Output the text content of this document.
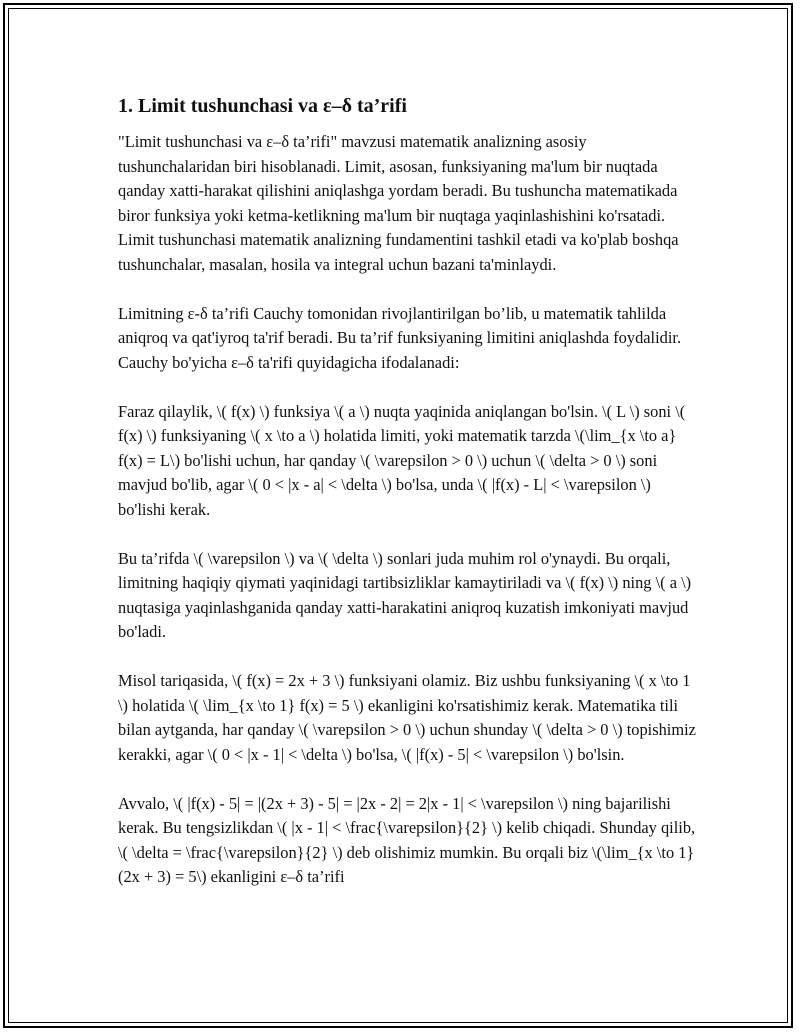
1. Limit tushunchasi va ε–δ ta’rifi

"Limit tushunchasi va ε–δ ta’rifi" mavzusi matematik analizning asosiy tushunchalaridan biri hisoblanadi. Limit, asosan, funksiyaning ma'lum bir nuqtada qanday xatti-harakat qilishini aniqlashga yordam beradi. Bu tushuncha matematikada biror funksiya yoki ketma-ketlikning ma'lum bir nuqtaga yaqinlashishini ko'rsatadi. Limit tushunchasi matematik analizning fundamentini tashkil etadi va ko'plab boshqa tushunchalar, masalan, hosila va integral uchun bazani ta'minlaydi.

Limitning ε-δ ta’rifi Cauchy tomonidan rivojlantirilgan bo’lib, u matematik tahlilda aniqroq va qat'iyroq ta'rif beradi. Bu ta’rif funksiyaning limitini aniqlashda foydalidir. Cauchy bo'yicha ε–δ ta'rifi quyidagicha ifodalanadi:

Faraz qilaylik, \( f(x) \) funksiya \( a \) nuqta yaqinida aniqlangan bo'lsin. \( L \) soni \( f(x) \) funksiyaning \( x \to a \) holatida limiti, yoki matematik tarzda \(\lim_{x \to a} f(x) = L\) bo'lishi uchun, har qanday \( \varepsilon > 0 \) uchun \( \delta > 0 \) soni mavjud bo'lib, agar \( 0 < |x - a| < \delta \) bo'lsa, unda \( |f(x) - L| < \varepsilon \) bo'lishi kerak.

Bu ta’rifda \( \varepsilon \) va \( \delta \) sonlari juda muhim rol o'ynaydi. Bu orqali, limitning haqiqiy qiymati yaqinidagi tartibsizliklar kamaytiriladi va \( f(x) \) ning \( a \) nuqtasiga yaqinlashganida qanday xatti-harakatini aniqroq kuzatish imkoniyati mavjud bo'ladi.

Misol tariqasida, \( f(x) = 2x + 3 \) funksiyani olamiz. Biz ushbu funksiyaning \( x \to 1 \) holatida \( \lim_{x \to 1} f(x) = 5 \) ekanligini ko'rsatishimiz kerak. Matematika tili bilan aytganda, har qanday \( \varepsilon > 0 \) uchun shunday \( \delta > 0 \) topishimiz kerakki, agar \( 0 < |x - 1| < \delta \) bo'lsa, \( |f(x) - 5| < \varepsilon \) bo'lsin.

Avvalo, \( |f(x) - 5| = |(2x + 3) - 5| = |2x - 2| = 2|x - 1| < \varepsilon \) ning bajarilishi kerak. Bu tengsizlikdan \( |x - 1| < \frac{\varepsilon}{2} \) kelib chiqadi. Shunday qilib, \( \delta = \frac{\varepsilon}{2} \) deb olishimiz mumkin. Bu orqali biz \(\lim_{x \to 1} (2x + 3) = 5\) ekanligini ε–δ ta’rifi
